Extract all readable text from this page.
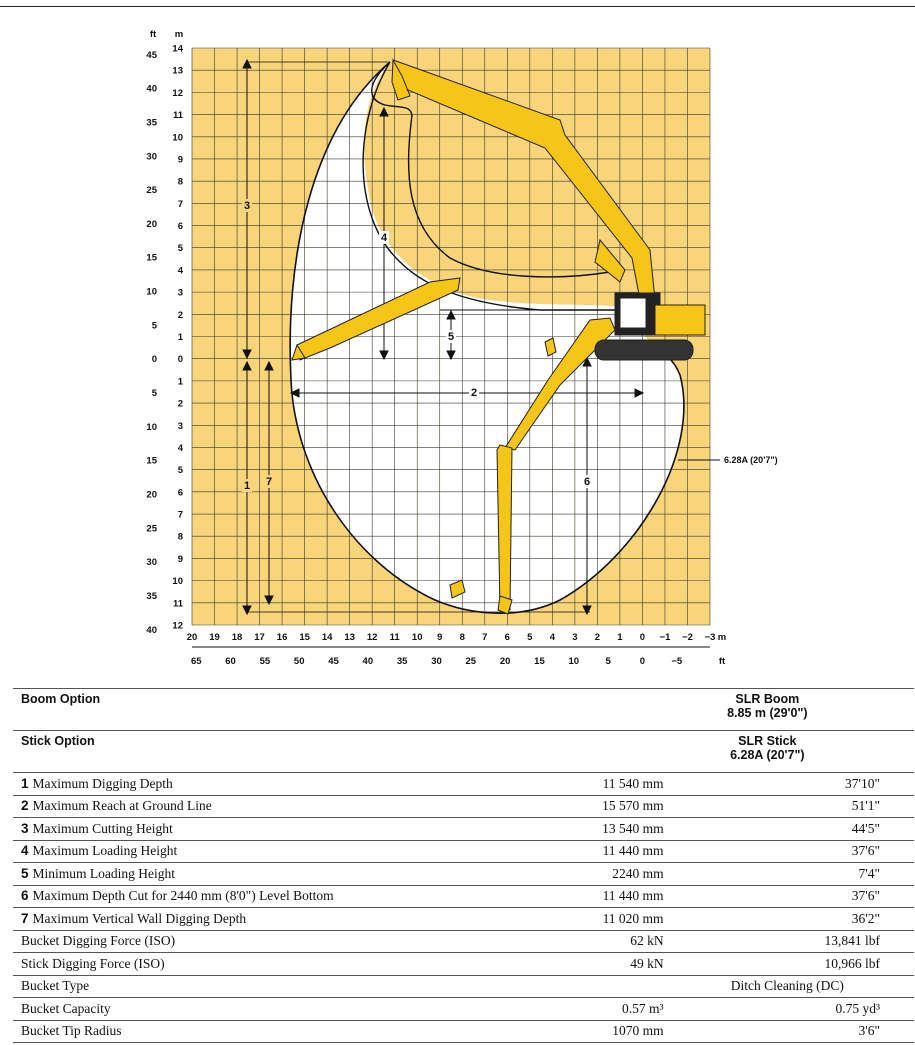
ft m
14
13
12
11
10
9
8
7
6
5
4
3
2
1
0
1
2
3
4
5
6
7
8
9
10
11
12
45
40
35
30
25
20
15
10
5
0
5
10
15
20
25
30
35
40
20 19 18 17 16 15 14 13 12 11 10 9 8 7 6 5 4 3 2 1 0 −1 −2 −3 m
65 60 55 50 45 40 35 30 25 20 15 10	5	0	−5	ft
1
2
3
4
5
6
7
6.28A (20'7")
Boom Option	SLR Boom
8.85 m (29'0")	

Stick Option	SLR Stick
6.28A (20'7")	

1 Maximum Digging Depth	11 540 mm	37'10"
2 Maximum Reach at Ground Line	15 570 mm	51'1"
3 Maximum Cutting Height	13 540 mm	44'5"
4 Maximum Loading Height	11 440 mm	37'6"
5 Minimum Loading Height	2240 mm	7'4"
6 Maximum Depth Cut for 2440 mm (8'0") Level Bottom	11 440 mm	37'6"
7 Maximum Vertical Wall Digging Depth	11 020 mm	36'2"
Bucket Digging Force (ISO)	62 kN	13,841 lbf
Stick Digging Force (ISO)	49 kN	10,966 lbf
Bucket Type	Ditch Cleaning (DC)	
Bucket Capacity	0.57 m³	0.75 yd³
Bucket Tip Radius	1070 mm	3'6"
